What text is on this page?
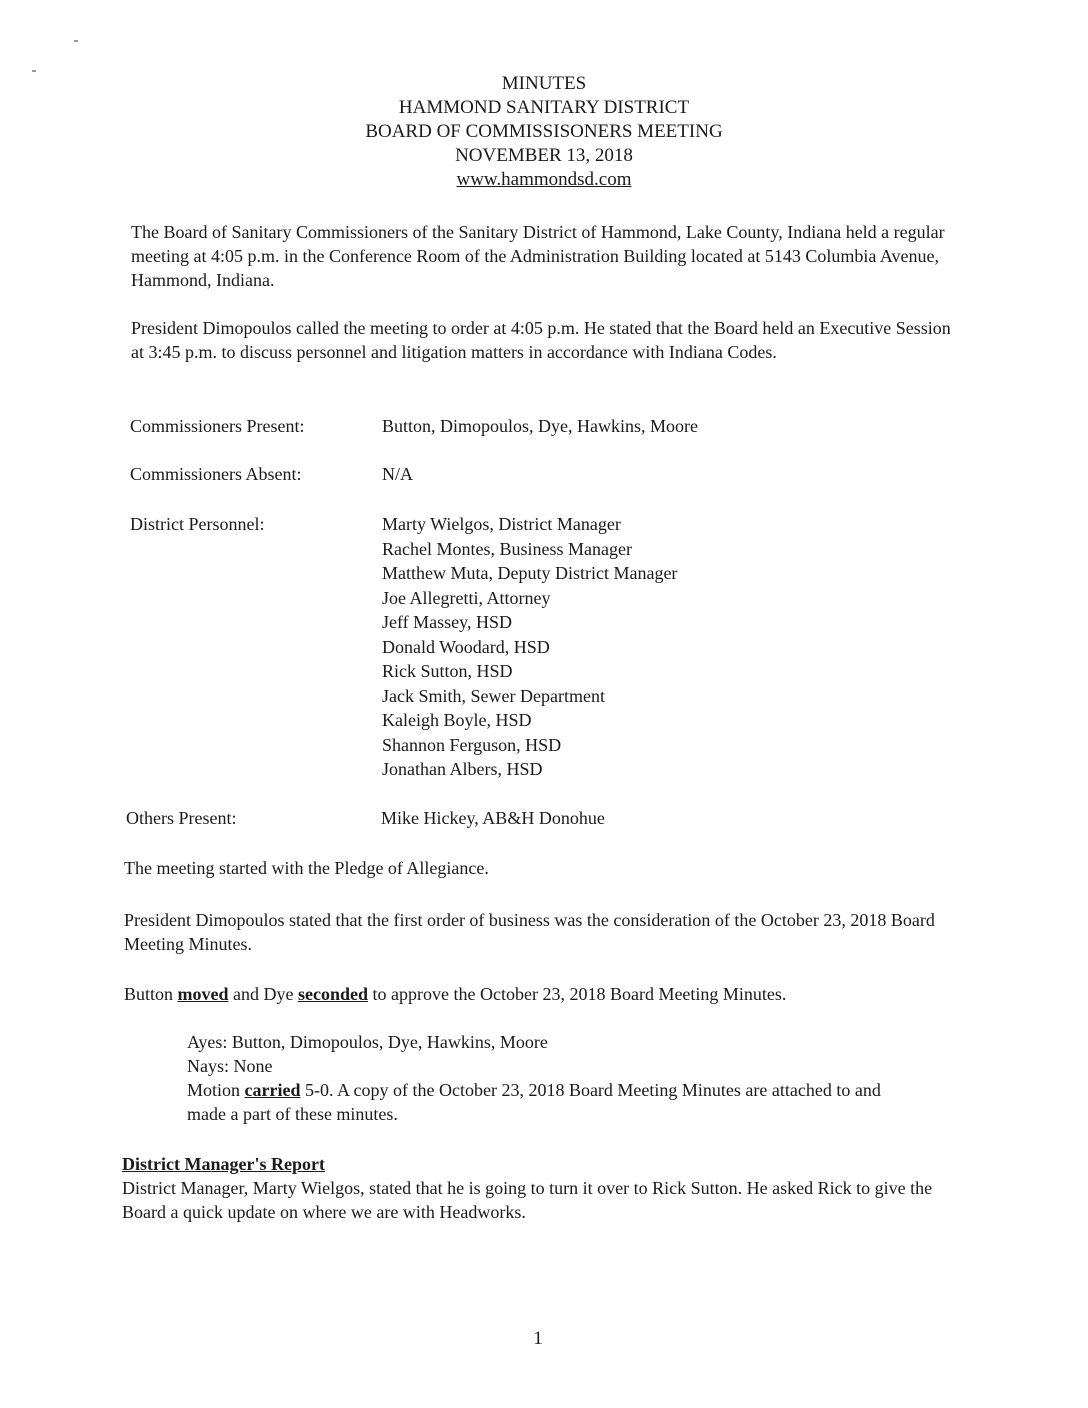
MINUTES
HAMMOND SANITARY DISTRICT
BOARD OF COMMISSISONERS MEETING
NOVEMBER 13, 2018
www.hammondsd.com
The Board of Sanitary Commissioners of the Sanitary District of Hammond, Lake County, Indiana held a regular meeting at 4:05 p.m. in the Conference Room of the Administration Building located at 5143 Columbia Avenue, Hammond, Indiana.
President Dimopoulos called the meeting to order at 4:05 p.m. He stated that the Board held an Executive Session at 3:45 p.m. to discuss personnel and litigation matters in accordance with Indiana Codes.
Commissioners Present:	Button, Dimopoulos, Dye, Hawkins, Moore
Commissioners Absent:	N/A
District Personnel:	Marty Wielgos, District Manager
Rachel Montes, Business Manager
Matthew Muta, Deputy District Manager
Joe Allegretti, Attorney
Jeff Massey, HSD
Donald Woodard, HSD
Rick Sutton, HSD
Jack Smith, Sewer Department
Kaleigh Boyle, HSD
Shannon Ferguson, HSD
Jonathan Albers, HSD
Others Present:	Mike Hickey, AB&H Donohue
The meeting started with the Pledge of Allegiance.
President Dimopoulos stated that the first order of business was the consideration of the October 23, 2018 Board Meeting Minutes.
Button moved and Dye seconded to approve the October 23, 2018 Board Meeting Minutes.
Ayes: Button, Dimopoulos, Dye, Hawkins, Moore
Nays: None
Motion carried 5-0. A copy of the October 23, 2018 Board Meeting Minutes are attached to and made a part of these minutes.
District Manager's Report
District Manager, Marty Wielgos, stated that he is going to turn it over to Rick Sutton. He asked Rick to give the Board a quick update on where we are with Headworks.
1
